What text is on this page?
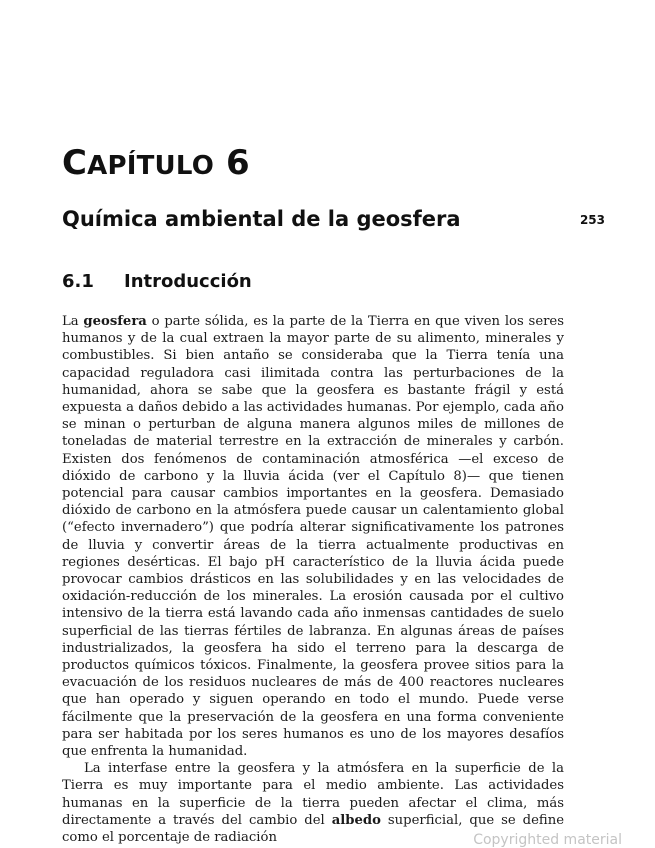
CAPÍTULO 6
Química ambiental de la geosfera	253
6.1 Introducción

La geosfera o parte sólida, es la parte de la Tierra en que viven los seres humanos y de la cual extraen la mayor parte de su alimento, minerales y combustibles. Si bien antaño se consideraba que la Tierra tenía una capacidad reguladora casi ilimitada contra las perturbaciones de la humanidad, ahora se sabe que la geosfera es bastante frágil y está expuesta a daños debido a las actividades humanas. Por ejemplo, cada año se minan o perturban de alguna manera algunos miles de millones de toneladas de material terrestre en la extracción de minerales y carbón. Existen dos fenómenos de contaminación atmosférica —el exceso de dióxido de carbono y la lluvia ácida (ver el Capítulo 8)— que tienen potencial para causar cambios importantes en la geosfera. Demasiado dióxido de carbono en la atmósfera puede causar un calentamiento global (“efecto invernadero”) que podría alterar significativamente los patrones de lluvia y convertir áreas de la tierra actualmente productivas en regiones desérticas. El bajo pH característico de la lluvia ácida puede provocar cambios drásticos en las solubilidades y en las velocidades de oxidación-reducción de los minerales. La erosión causada por el cultivo intensivo de la tierra está lavando cada año inmensas cantidades de suelo superficial de las tierras fértiles de labranza. En algunas áreas de países industrializados, la geosfera ha sido el terreno para la descarga de productos químicos tóxicos. Finalmente, la geosfera provee sitios para la evacuación de los residuos nucleares de más de 400 reactores nucleares que han operado y siguen operando en todo el mundo. Puede verse fácilmente que la preservación de la geosfera en una forma conveniente para ser habitada por los seres humanos es uno de los mayores desafíos que enfrenta la humanidad.

La interfase entre la geosfera y la atmósfera en la superficie de la Tierra es muy importante para el medio ambiente. Las actividades humanas en la superficie de la tierra pueden afectar el clima, más directamente a través del cambio del albedo superficial, que se define como el porcentaje de radiación	Copyrighted material
